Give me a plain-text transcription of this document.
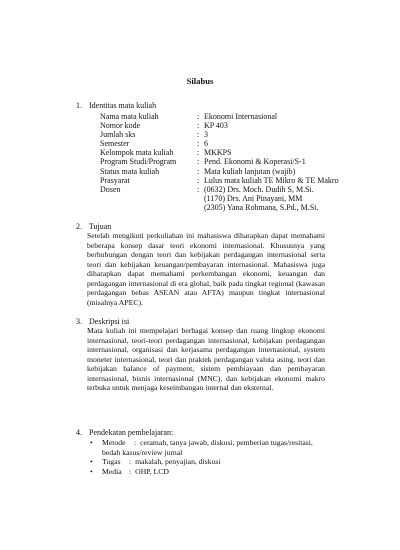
Silabus
1. Identitas mata kuliah
Nama mata kuliah	: Ekonomi Internasional
Nomor kode	: KP 403
Jumlah sks	: 3
Semester	: 6
Kelompok mata kuliah	: MKKPS
Program Studi/Program	: Pend. Ekonomi & Koperasi/S-1
Status mata kuliah	: Mata kuliah lanjutan (wajib)
Prasyarat	: Lulus mata kuliah TE Mikro & TE Makro
Dosen	: (0632) Drs. Moch. Dudih S, M.Si.
(1170) Drs. Ani Pinayani, MM
(2305) Yana Rohmana, S.Pd., M.Si.
2. Tujuan

Setelah mengikuti perkuliahan ini mahasiswa diharapkan dapat memahami beberapa konsep dasar teori ekonomi internasional. Khususnya yang berhubungan dengan teori dan kebijakan perdagangan internasional serta teori dan kebijakan keuangan/pembayaran internasional. Mahasiswa juga diharapkan dapat memahami perkembangan ekonomi, keuangan dan perdagangan internasional di era global, baik pada tingkat regional (kawasan perdagangan bebas ASEAN atau AFTA) maupun tingkat internasional (misalnya APEC).

3. Deskripsi isi

Mata kuliah ini mempelajari berbagai konsep dan ruang lingkup ekonomi internasional, teori-teori perdagangan internasional, kebijakan perdagangan internasional, organisasi dan kerjasama perdagangan internasional, system moneter internasional, teori dan praktek perdagangan valuta asing, teori dan kebijakan balance of payment, sistem pembiayaan dan pembayaran internasional, bisnis internasional (MNC), dan kebijakan ekonomi makro terbuka untuk menjaga keseimbangan internal dan eksternal.

4. Pendekatan pembelajaran:
• Metode : ceramah, tanya jawab, diskusi, pemberian tugas/resitasi, bedah kasus/review jurnal
• Tugas : makalah, penyajian, diskusi
• Media : OHP, LCD
